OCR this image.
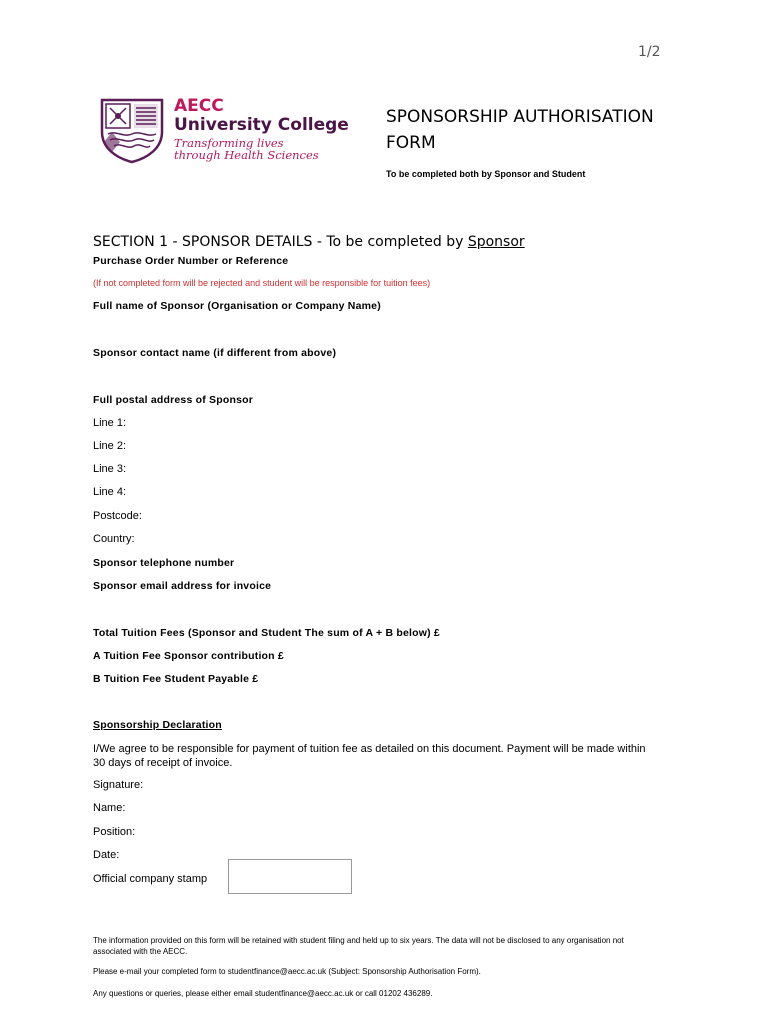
1/2
AECC
University College
Transforming lives
through Health Sciences
SPONSORSHIP AUTHORISATION
FORM
To be completed both by Sponsor and Student
SECTION 1 - SPONSOR DETAILS - To be completed by Sponsor
Purchase Order Number or Reference
(If not completed form will be rejected and student will be responsible for tuition fees)
Full name of Sponsor (Organisation or Company Name)
Sponsor contact name (if different from above)
Full postal address of Sponsor
Line 1:
Line 2:
Line 3:
Line 4:
Postcode:
Country:
Sponsor telephone number
Sponsor email address for invoice
Total Tuition Fees (Sponsor and Student The sum of A + B below) £
A Tuition Fee Sponsor contribution £
B Tuition Fee Student Payable £
Sponsorship Declaration
I/We agree to be responsible for payment of tuition fee as detailed on this document. Payment will be made within 30 days of receipt of invoice.
Signature:
Name:
Position:
Date:
Official company stamp
The information provided on this form will be retained with student filing and held up to six years. The data will not be disclosed to any organisation not associated with the AECC.
Please e-mail your completed form to studentfinance@aecc.ac.uk (Subject: Sponsorship Authorisation Form).
Any questions or queries, please either email studentfinance@aecc.ac.uk or call 01202 436289.
